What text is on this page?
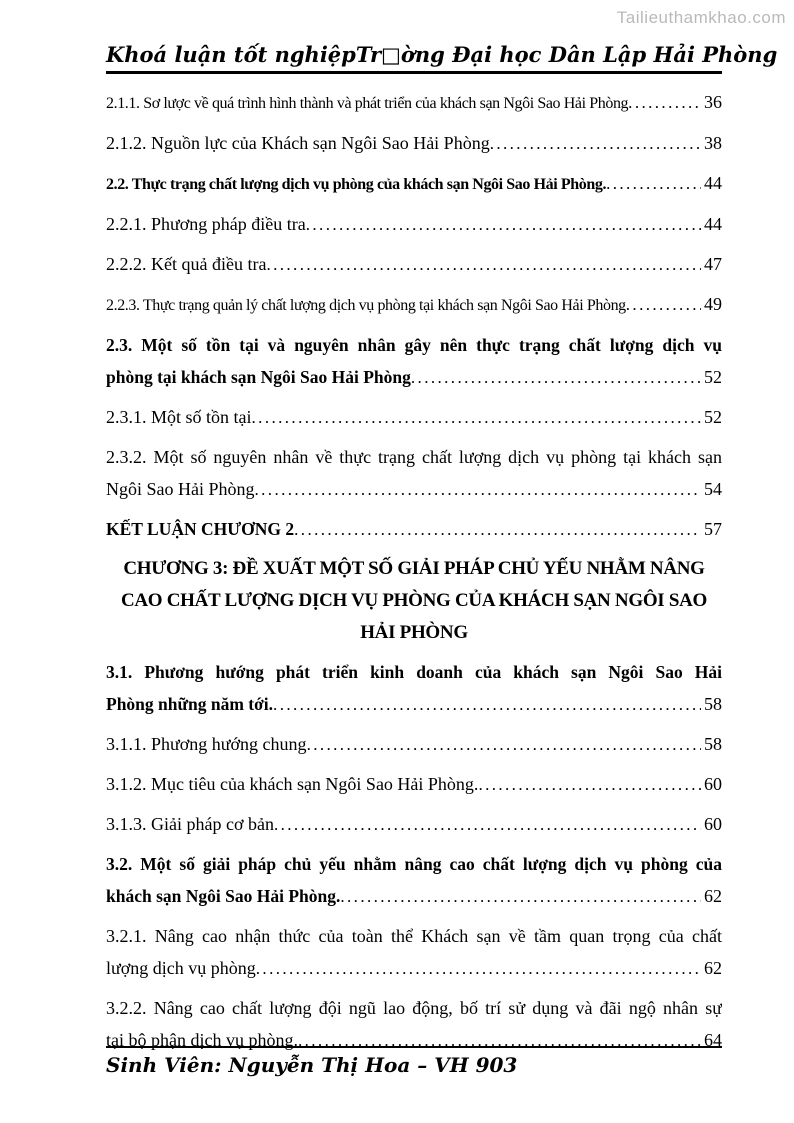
Tailieuthamkhao.com
Khoá luận tốt nghiệp Tr□ờng Đại học Dân Lập Hải Phòng
2.1.1. Sơ lược về quá trình hình thành và phát triển của khách sạn Ngôi Sao Hải Phòng .....	36
2.1.2. Nguồn lực của Khách sạn Ngôi Sao Hải Phòng .....	38
2.2. Thực trạng chất lượng dịch vụ phòng của khách sạn Ngôi Sao Hải Phòng. .....	44
2.2.1. Phương pháp điều tra .....	44
2.2.2. Kết quả điều tra .....	47
2.2.3. Thực trạng quản lý chất lượng dịch vụ phòng tại khách sạn Ngôi Sao Hải Phòng .....	49
2.3. Một số tồn tại và nguyên nhân gây nên thực trạng chất lượng dịch vụ
phòng tại khách sạn Ngôi Sao Hải Phòng .....	52
2.3.1. Một số tồn tại .....	52
2.3.2. Một số nguyên nhân về thực trạng chất lượng dịch vụ phòng tại khách sạn
Ngôi Sao Hải Phòng .....	54
KẾT LUẬN CHƯƠNG 2 .....	57
CHƯƠNG 3: ĐỀ XUẤT MỘT SỐ GIẢI PHÁP CHỦ YẾU NHẰM NÂNG
CAO CHẤT LƯỢNG DỊCH VỤ PHÒNG CỦA KHÁCH SẠN NGÔI SAO
HẢI PHÒNG
3.1. Phương hướng phát triển kinh doanh của khách sạn Ngôi Sao Hải
Phòng những năm tới. .....	58
3.1.1. Phương hướng chung .....	58
3.1.2. Mục tiêu của khách sạn Ngôi Sao Hải Phòng. .....	60
3.1.3. Giải pháp cơ bản .....	60
3.2. Một số giải pháp chủ yếu nhằm nâng cao chất lượng dịch vụ phòng của
khách sạn Ngôi Sao Hải Phòng. .....	62
3.2.1. Nâng cao nhận thức của toàn thể Khách sạn về tầm quan trọng của chất
lượng dịch vụ phòng .....	62
3.2.2. Nâng cao chất lượng đội ngũ lao động, bố trí sử dụng và đãi ngộ nhân sự
tại bộ phận dịch vụ phòng. .....	64
Sinh Viên: Nguyễn Thị Hoa – VH 903
